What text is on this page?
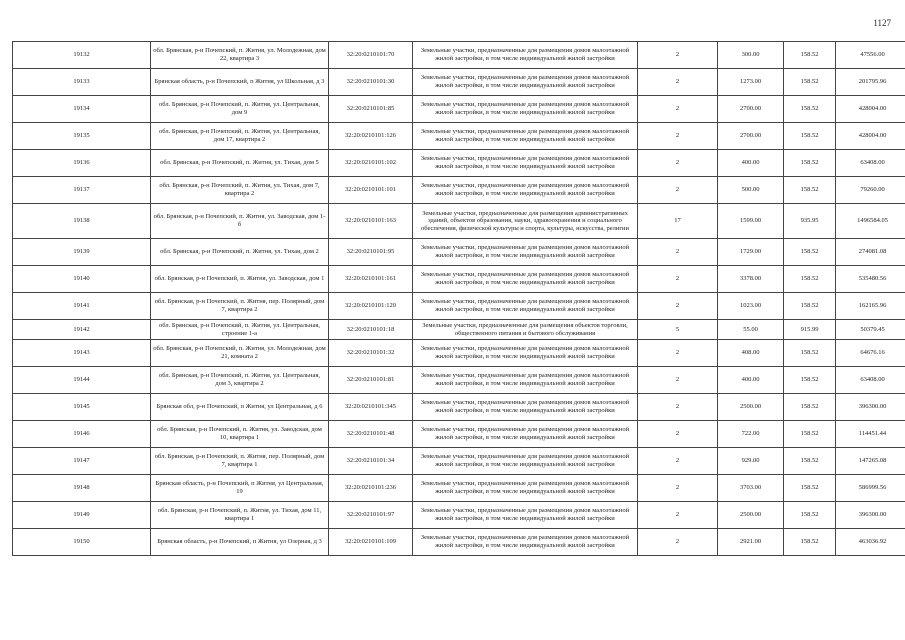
1127
19132	обл. Брянская, р-н Почепский, п. Житня, ул. Молодежная, дом 22, квартира 3	32:20:0210101:70	Земельные участки, предназначенные для размещения домов малоэтажной жилой застройки, в том числе индивидуальной жилой застройки	2	300.00	158.52	47556.00
19133	Брянская область, р-н Почепский, п Житня, ул Школьная, д 3	32:20:0210101:30	Земельные участки, предназначенные для размещения домов малоэтажной жилой застройки, в том числе индивидуальной жилой застройки	2	1273.00	158.52	201795.96
19134	обл. Брянская, р-н Почепский, п. Житня, ул. Центральная, дом 9	32:20:0210101:85	Земельные участки, предназначенные для размещения домов малоэтажной жилой застройки, в том числе индивидуальной жилой застройки	2	2700.00	158.52	428004.00
19135	обл. Брянская, р-н Почепский, п. Житня, ул. Центральная, дом 17, квартира 2	32:20:0210101:126	Земельные участки, предназначенные для размещения домов малоэтажной жилой застройки, в том числе индивидуальной жилой застройки	2	2700.00	158.52	428004.00
19136	обл. Брянская, р-н Почепский, п. Житня, ул. Тихая, дом 5	32:20:0210101:102	Земельные участки, предназначенные для размещения домов малоэтажной жилой застройки, в том числе индивидуальной жилой застройки	2	400.00	158.52	63408.00
19137	обл. Брянская, р-н Почепский, п. Житня, ул. Тихая, дом 7, квартира 2	32:20:0210101:101	Земельные участки, предназначенные для размещения домов малоэтажной жилой застройки, в том числе индивидуальной жилой застройки	2	500.00	158.52	79260.00
19138	обл. Брянская, р-н Почепский, п. Житня, ул. Заводская, дом 1-б	32:20:0210101:163	Земельные участки, предназначенные для размещения административных зданий, объектов образования, науки, здравоохранения и социального обеспечения, физической культуры и спорта, культуры, искусства, религии	17	1599.00	935.95	1496584.05
19139	обл. Брянская, р-н Почепский, п. Житня, ул. Тихая, дом 2	32:20:0210101:95	Земельные участки, предназначенные для размещения домов малоэтажной жилой застройки, в том числе индивидуальной жилой застройки	2	1729.00	158.52	274081.08
19140	обл. Брянская, р-н Почепский, п. Житня, ул. Заводская, дом 1	32:20:0210101:161	Земельные участки, предназначенные для размещения домов малоэтажной жилой застройки, в том числе индивидуальной жилой застройки	2	3378.00	158.52	535480.56
19141	обл. Брянская, р-н Почепский, п. Житня, пер. Полярный, дом 7, квартира 2	32:20:0210101:120	Земельные участки, предназначенные для размещения домов малоэтажной жилой застройки, в том числе индивидуальной жилой застройки	2	1023.00	158.52	162165.96
19142	обл. Брянская, р-н Почепский, п. Житня, ул. Центральная, строение 1-а	32:20:0210101:18	Земельные участки, предназначенные для размещения объектов торговли, общественного питания и бытового обслуживания	5	55.00	915.99	50379.45
19143	обл. Брянская, р-н Почепский, п. Житня, ул. Молодежная, дом 21, комната 2	32:20:0210101:32	Земельные участки, предназначенные для размещения домов малоэтажной жилой застройки, в том числе индивидуальной жилой застройки	2	408.00	158.52	64676.16
19144	обл. Брянская, р-н Почепский, п. Житня, ул. Центральная, дом 3, квартира 2	32:20:0210101:81	Земельные участки, предназначенные для размещения домов малоэтажной жилой застройки, в том числе индивидуальной жилой застройки	2	400.00	158.52	63408.00
19145	Брянская обл, р-н Почепский, п Житня, ул Центральная, д 6	32:20:0210101:345	Земельные участки, предназначенные для размещения домов малоэтажной жилой застройки, в том числе индивидуальной жилой застройки	2	2500.00	158.52	396300.00
19146	обл. Брянская, р-н Почепский, п. Житня, ул. Заводская, дом 10, квартира 1	32:20:0210101:48	Земельные участки, предназначенные для размещения домов малоэтажной жилой застройки, в том числе индивидуальной жилой застройки	2	722.00	158.52	114451.44
19147	обл. Брянская, р-н Почепский, п. Житня, пер. Полярный, дом 7, квартира 1	32:20:0210101:34	Земельные участки, предназначенные для размещения домов малоэтажной жилой застройки, в том числе индивидуальной жилой застройки	2	929.00	158.52	147265.08
19148	Брянская область, р-н Почепский, п Житня, ул Центральная, 19	32:20:0210101:236	Земельные участки, предназначенные для размещения домов малоэтажной жилой застройки, в том числе индивидуальной жилой застройки	2	3703.00	158.52	586999.56
19149	обл. Брянская, р-н Почепский, п. Житня, ул. Тихая, дом 11, квартира 1	32:20:0210101:97	Земельные участки, предназначенные для размещения домов малоэтажной жилой застройки, в том числе индивидуальной жилой застройки	2	2500.00	158.52	396300.00
19150	Брянская область, р-н Почепский, п Житня, ул Озерная, д 3	32:20:0210101:109	Земельные участки, предназначенные для размещения домов малоэтажной жилой застройки, в том числе индивидуальной жилой застройки	2	2921.00	158.52	463036.92
